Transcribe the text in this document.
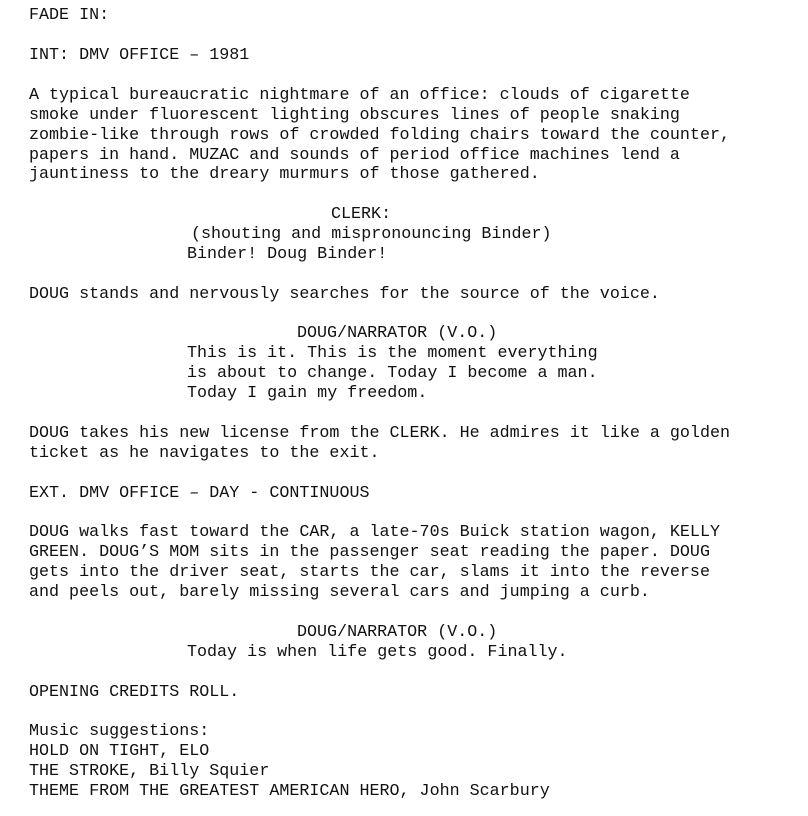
FADE IN:
INT: DMV OFFICE – 1981
A typical bureaucratic nightmare of an office: clouds of cigarette
smoke under fluorescent lighting obscures lines of people snaking
zombie-like through rows of crowded folding chairs toward the counter,
papers in hand. MUZAC and sounds of period office machines lend a
jauntiness to the dreary murmurs of those gathered.
CLERK:
(shouting and mispronouncing Binder)
Binder! Doug Binder!
DOUG stands and nervously searches for the source of the voice.
DOUG/NARRATOR (V.O.)
This is it. This is the moment everything
is about to change. Today I become a man.
Today I gain my freedom.
DOUG takes his new license from the CLERK. He admires it like a golden
ticket as he navigates to the exit.
EXT. DMV OFFICE – DAY - CONTINUOUS
DOUG walks fast toward the CAR, a late-70s Buick station wagon, KELLY
GREEN. DOUG’S MOM sits in the passenger seat reading the paper. DOUG
gets into the driver seat, starts the car, slams it into the reverse
and peels out, barely missing several cars and jumping a curb.
DOUG/NARRATOR (V.O.)
Today is when life gets good. Finally.
OPENING CREDITS ROLL.
Music suggestions:
HOLD ON TIGHT, ELO
THE STROKE, Billy Squier
THEME FROM THE GREATEST AMERICAN HERO, John Scarbury
